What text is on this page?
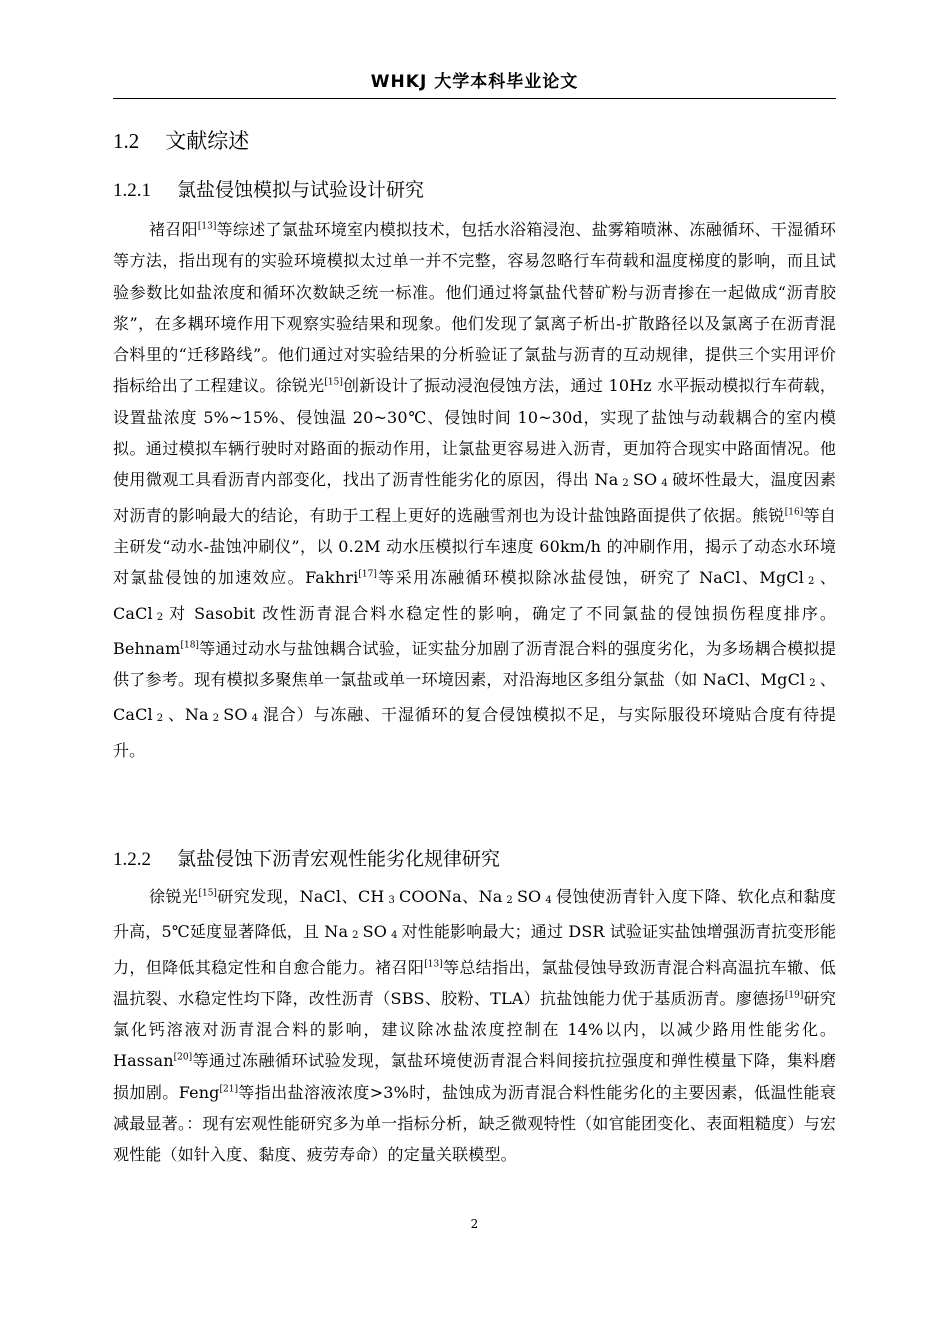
WHKJ 大学本科毕业论文
1.2 文献综述
1.2.1 氯盐侵蚀模拟与试验设计研究

褚召阳[13]等综述了氯盐环境室内模拟技术，包括水浴箱浸泡、盐雾箱喷淋、冻融循环、干湿循环等方法，指出现有的实验环境模拟太过单一并不完整，容易忽略行车荷载和温度梯度的影响，而且试验参数比如盐浓度和循环次数缺乏统一标准。他们通过将氯盐代替矿粉与沥青掺在一起做成“沥青胶浆”，在多耦环境作用下观察实验结果和现象。他们发现了氯离子析出-扩散路径以及氯离子在沥青混合料里的“迁移路线”。他们通过对实验结果的分析验证了氯盐与沥青的互动规律，提供三个实用评价指标给出了工程建议。徐锐光[15]创新设计了振动浸泡侵蚀方法，通过 10Hz 水平振动模拟行车荷载，设置盐浓度 5%~15%、侵蚀温 20~30℃、侵蚀时间 10~30d，实现了盐蚀与动载耦合的室内模拟。通过模拟车辆行驶时对路面的振动作用，让氯盐更容易进入沥青，更加符合现实中路面情况。他使用微观工具看沥青内部变化，找出了沥青性能劣化的原因，得出 Na 2 SO 4 破坏性最大，温度因素对沥青的影响最大的结论，有助于工程上更好的选融雪剂也为设计盐蚀路面提供了依据。熊锐[16]等自主研发“动水-盐蚀冲刷仪”，以 0.2M 动水压模拟行车速度 60km/h 的冲刷作用，揭示了动态水环境对氯盐侵蚀的加速效应。Fakhri[17]等采用冻融循环模拟除冰盐侵蚀，研究了 NaCl、MgCl 2 、CaCl 2 对 Sasobit 改性沥青混合料水稳定性的影响，确定了不同氯盐的侵蚀损伤程度排序。Behnam[18]等通过动水与盐蚀耦合试验，证实盐分加剧了沥青混合料的强度劣化，为多场耦合模拟提供了参考。现有模拟多聚焦单一氯盐或单一环境因素，对沿海地区多组分氯盐（如 NaCl、MgCl 2 、CaCl 2 、Na 2 SO 4 混合）与冻融、干湿循环的复合侵蚀模拟不足，与实际服役环境贴合度有待提升。

1.2.2 氯盐侵蚀下沥青宏观性能劣化规律研究

徐锐光[15]研究发现，NaCl、CH 3 COONa、Na 2 SO 4 侵蚀使沥青针入度下降、软化点和黏度升高，5℃延度显著降低，且 Na 2 SO 4 对性能影响最大；通过 DSR 试验证实盐蚀增强沥青抗变形能力，但降低其稳定性和自愈合能力。褚召阳[13]等总结指出，氯盐侵蚀导致沥青混合料高温抗车辙、低温抗裂、水稳定性均下降，改性沥青（SBS、胶粉、TLA）抗盐蚀能力优于基质沥青。廖德扬[19]研究氯化钙溶液对沥青混合料的影响，建议除冰盐浓度控制在 14%以内，以减少路用性能劣化。Hassan[20]等通过冻融循环试验发现，氯盐环境使沥青混合料间接抗拉强度和弹性模量下降，集料磨损加剧。Feng[21]等指出盐溶液浓度>3%时，盐蚀成为沥青混合料性能劣化的主要因素，低温性能衰减最显著。：现有宏观性能研究多为单一指标分析，缺乏微观特性（如官能团变化、表面粗糙度）与宏观性能（如针入度、黏度、疲劳寿命）的定量关联模型。

2
